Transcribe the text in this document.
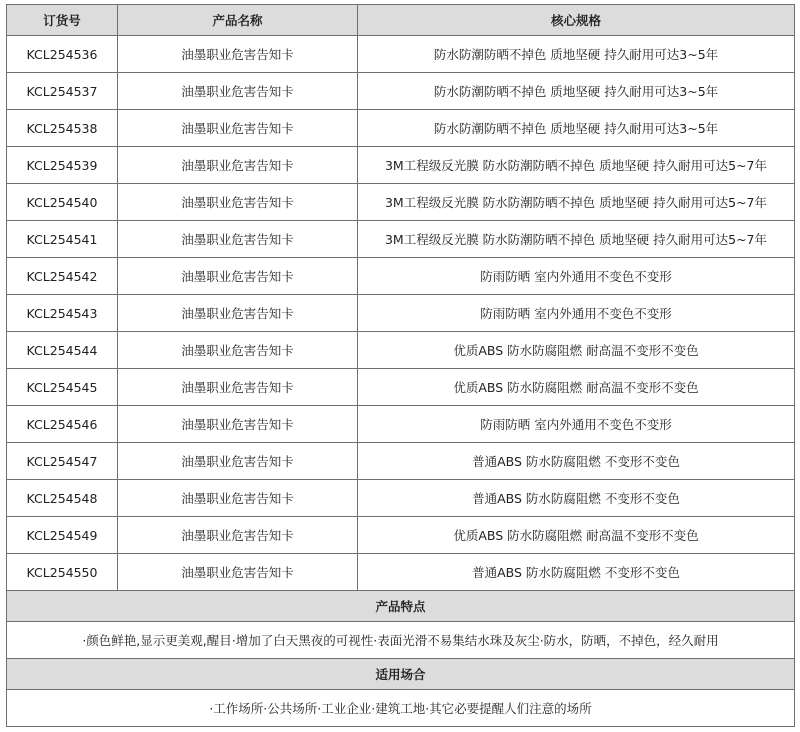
订货号	产品名称	核心规格
KCL254536	油墨职业危害告知卡	防水防潮防晒不掉色 质地坚硬 持久耐用可达3~5年
KCL254537	油墨职业危害告知卡	防水防潮防晒不掉色 质地坚硬 持久耐用可达3~5年
KCL254538	油墨职业危害告知卡	防水防潮防晒不掉色 质地坚硬 持久耐用可达3~5年
KCL254539	油墨职业危害告知卡	3M工程级反光膜 防水防潮防晒不掉色 质地坚硬 持久耐用可达5~7年
KCL254540	油墨职业危害告知卡	3M工程级反光膜 防水防潮防晒不掉色 质地坚硬 持久耐用可达5~7年
KCL254541	油墨职业危害告知卡	3M工程级反光膜 防水防潮防晒不掉色 质地坚硬 持久耐用可达5~7年
KCL254542	油墨职业危害告知卡	防雨防晒 室内外通用不变色不变形
KCL254543	油墨职业危害告知卡	防雨防晒 室内外通用不变色不变形
KCL254544	油墨职业危害告知卡	优质ABS 防水防腐阻燃 耐高温不变形不变色
KCL254545	油墨职业危害告知卡	优质ABS 防水防腐阻燃 耐高温不变形不变色
KCL254546	油墨职业危害告知卡	防雨防晒 室内外通用不变色不变形
KCL254547	油墨职业危害告知卡	普通ABS 防水防腐阻燃 不变形不变色
KCL254548	油墨职业危害告知卡	普通ABS 防水防腐阻燃 不变形不变色
KCL254549	油墨职业危害告知卡	优质ABS 防水防腐阻燃 耐高温不变形不变色
KCL254550	油墨职业危害告知卡	普通ABS 防水防腐阻燃 不变形不变色
产品特点		
·颜色鲜艳,显示更美观,醒目·增加了白天黑夜的可视性·表面光滑不易集结水珠及灰尘·防水，防晒，不掉色，经久耐用		
适用场合		
·工作场所·公共场所·工业企业·建筑工地·其它必要提醒人们注意的场所		
